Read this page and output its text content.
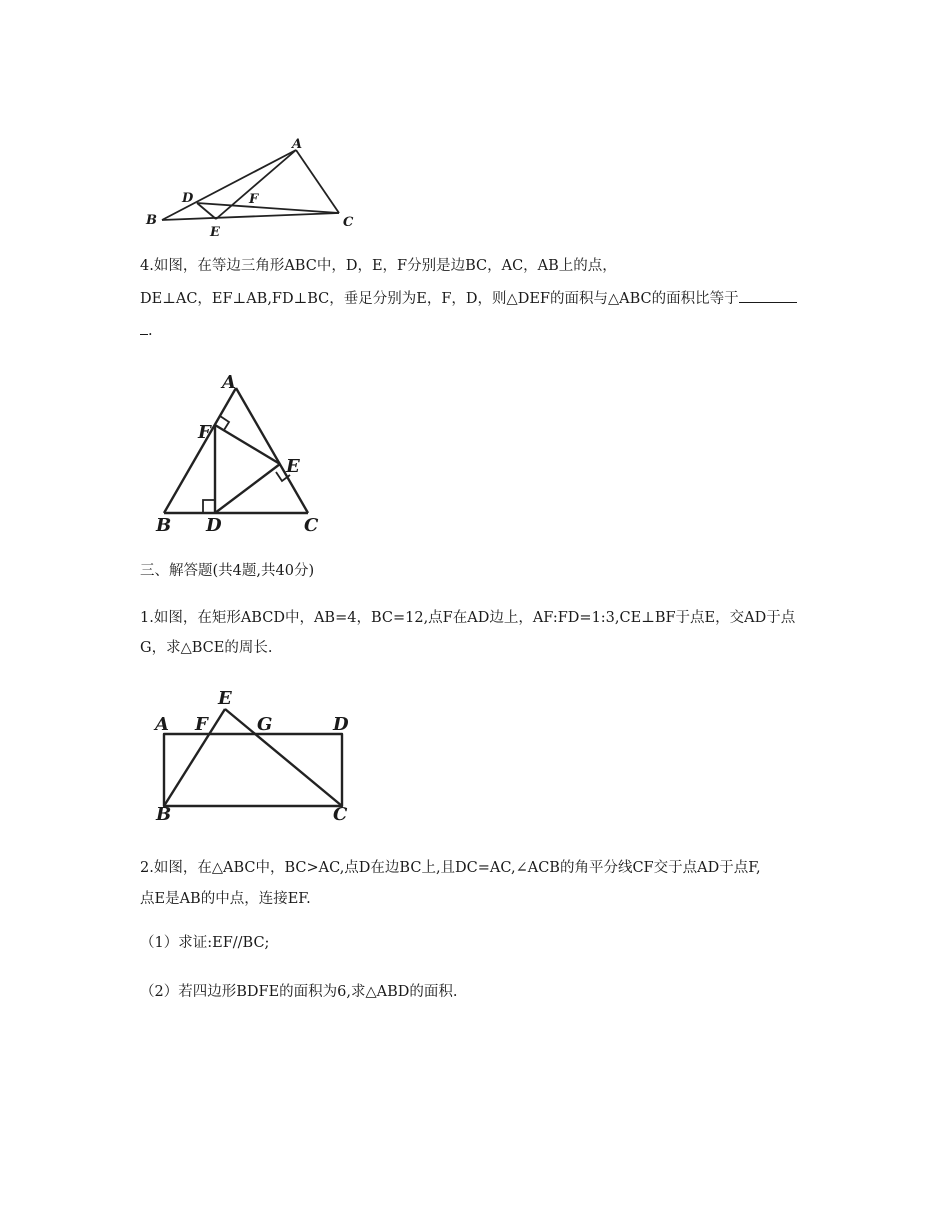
A
B	C
D
E
F
4.如图，在等边三角形ABC中，D，E，F分别是边BC，AC，AB上的点，
DE⊥AC，EF⊥AB,FD⊥BC，垂足分别为E，F，D，则△DEF的面积与△ABC的面积比等于
.
A
B	C
D
E
F
三、解答题(共4题,共40分)
1.如图，在矩形ABCD中，AB=4，BC=12,点F在AD边上，AF:FD=1:3,CE⊥BF于点E，交AD于点
G，求△BCE的周长.
A
B	C
D
E
F	G
2.如图，在△ABC中，BC>AC,点D在边BC上,且DC=AC,∠ACB的角平分线CF交于点AD于点F,
点E是AB的中点，连接EF.
（1）求证:EF//BC;
（2）若四边形BDFE的面积为6,求△ABD的面积.
